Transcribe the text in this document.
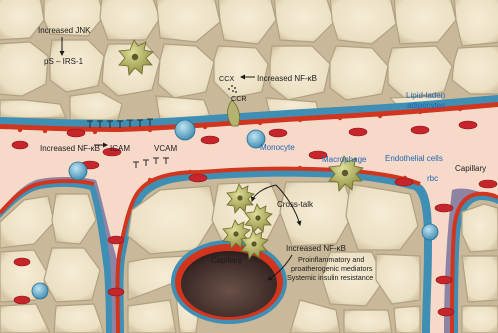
Increased JNK
pS – IRS-1
CCX
CCR
Increased NF-κB
Lipid-laden
adipocytes
Increased NF-κB ICAM	VCAM	Monocyte
Macrophage Endothelial cells
Capillary
rbc
Cross-talk
Increased NF-κB
Proinflammatory and
proatherogenic mediators
Systemic insulin resistance
Capillary
